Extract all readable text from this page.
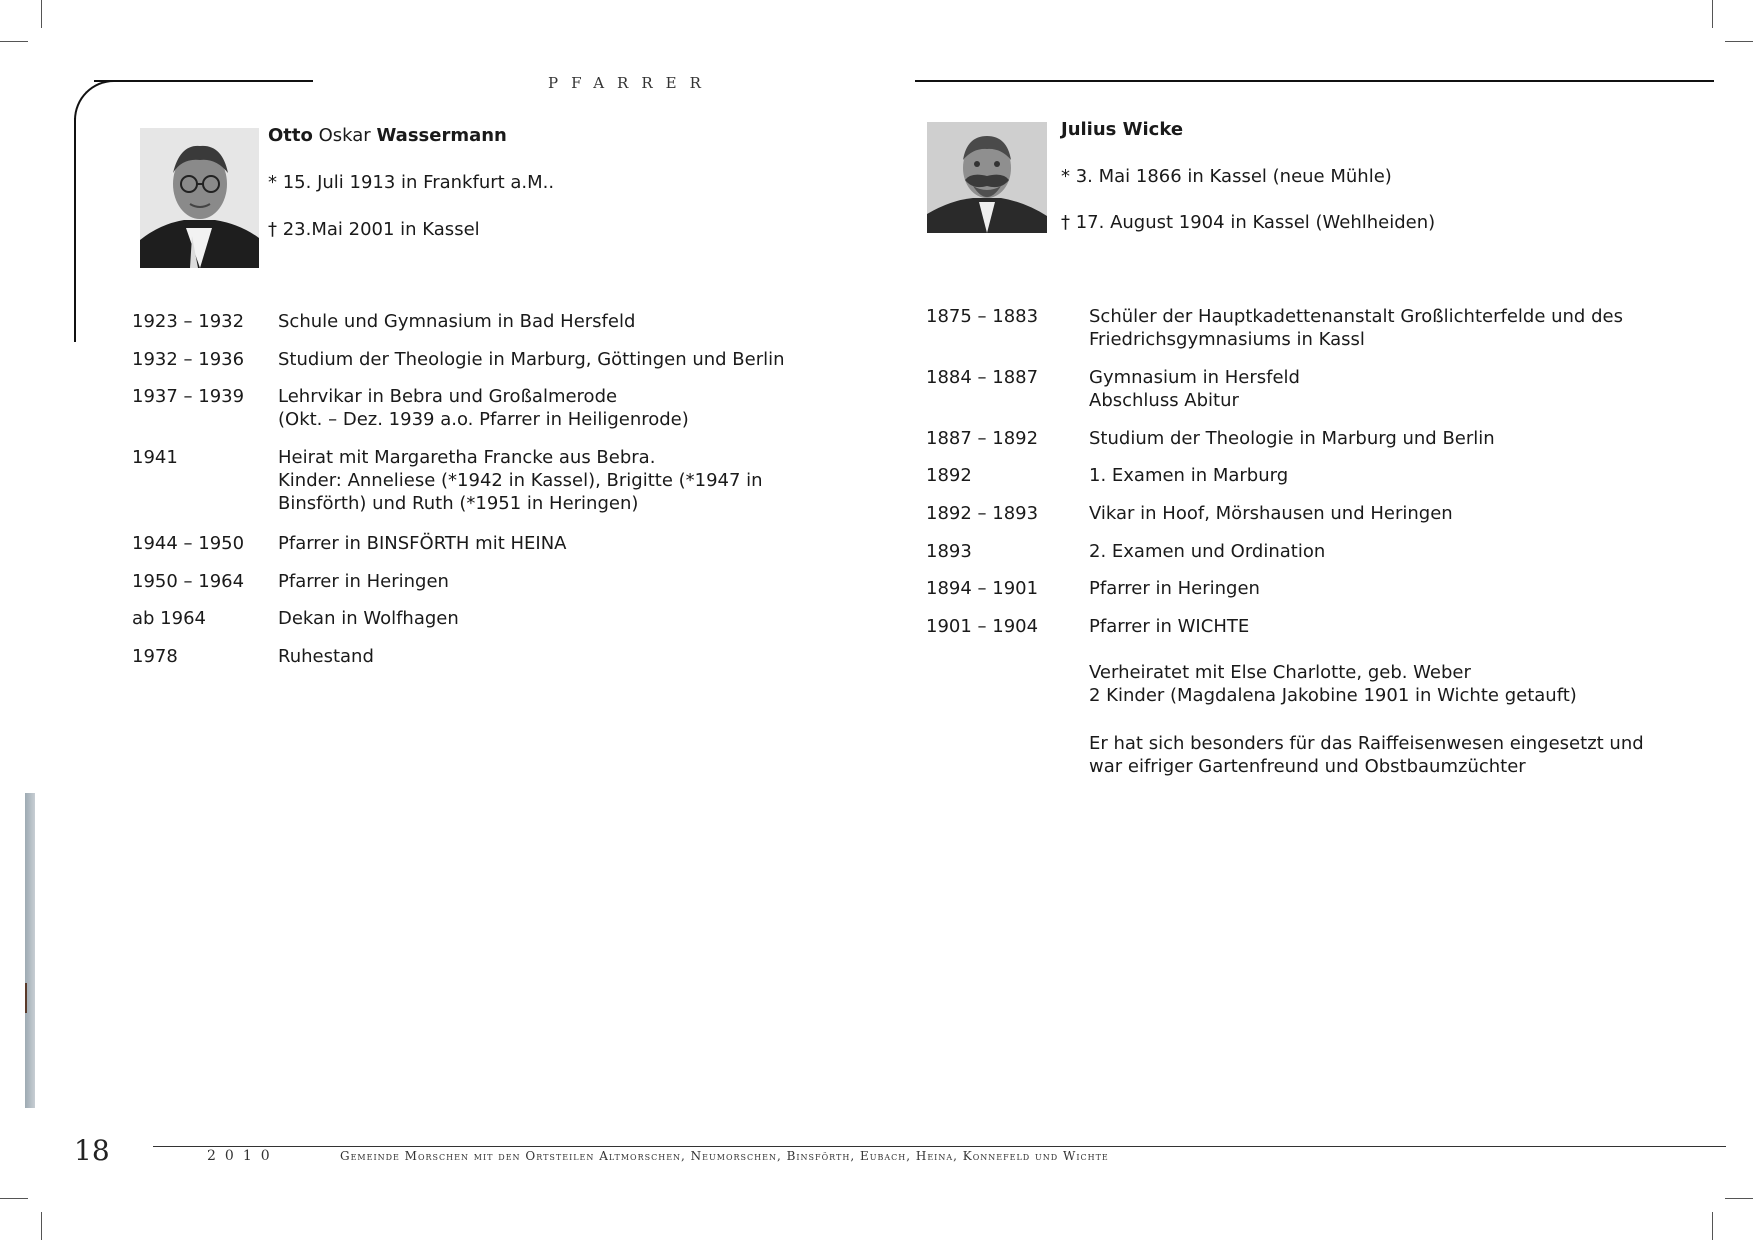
PFARRER
Otto Oskar Wassermann
* 15. Juli 1913 in Frankfurt a.M..
† 23.Mai 2001 in Kassel
1923 – 1932 Schule und Gymnasium in Bad Hersfeld
1932 – 1936 Studium der Theologie in Marburg, Göttingen und Berlin
1937 – 1939 Lehrvikar in Bebra und Großalmerode
(Okt. – Dez. 1939 a.o. Pfarrer in Heiligenrode)
1941	Heirat mit Margaretha Francke aus Bebra.
Kinder: Anneliese (*1942 in Kassel), Brigitte (*1947 in
Binsförth) und Ruth (*1951 in Heringen)
1944 – 1950 Pfarrer in BINSFÖRTH mit HEINA
1950 – 1964 Pfarrer in Heringen
ab 1964	Dekan in Wolfhagen
1978	Ruhestand
Julius Wicke
* 3. Mai 1866 in Kassel (neue Mühle)
† 17. August 1904 in Kassel (Wehlheiden)
1875 – 1883	Schüler der Hauptkadettenanstalt Großlichterfelde und des
Friedrichsgymnasiums in Kassl
1884 – 1887	Gymnasium in Hersfeld
Abschluss Abitur
1887 – 1892	Studium der Theologie in Marburg und Berlin
1892	1. Examen in Marburg
1892 – 1893	Vikar in Hoof, Mörshausen und Heringen
1893	2. Examen und Ordination
1894 – 1901	Pfarrer in Heringen
1901 – 1904	Pfarrer in WICHTE
Verheiratet mit Else Charlotte, geb. Weber
2 Kinder (Magdalena Jakobine 1901 in Wichte getauft)
Er hat sich besonders für das Raiffeisenwesen eingesetzt und
war eifriger Gartenfreund und Obstbaumzüchter
18	2010	Gemeinde Morschen mit den Ortsteilen Altmorschen, Neumorschen, Binsförth, Eubach, Heina, Konnefeld und Wichte
